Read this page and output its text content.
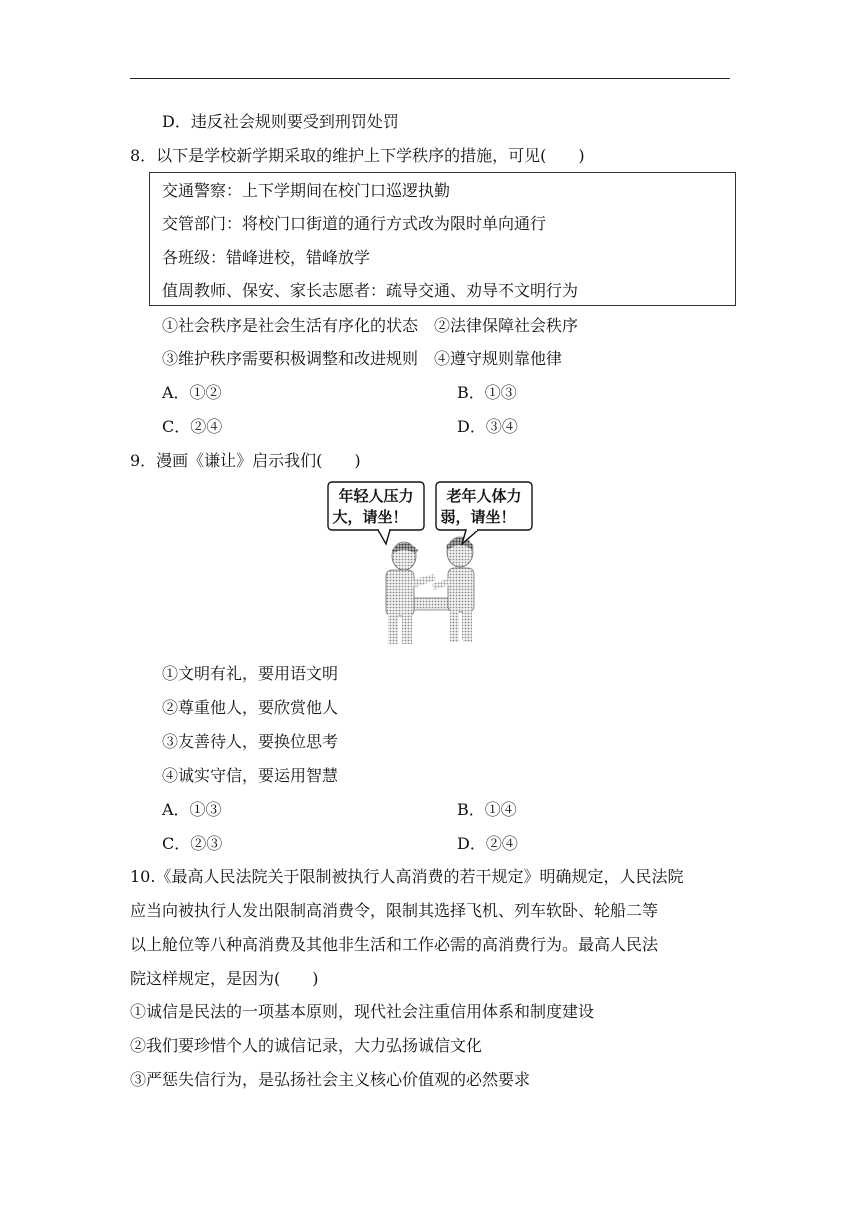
D．违反社会规则要受到刑罚处罚
8．以下是学校新学期采取的维护上下学秩序的措施，可见(　　)
交通警察：上下学期间在校门口巡逻执勤
交管部门：将校门口街道的通行方式改为限时单向通行
各班级：错峰进校，错峰放学
值周教师、保安、家长志愿者：疏导交通、劝导不文明行为
①社会秩序是社会生活有序化的状态　②法律保障社会秩序
③维护秩序需要积极调整和改进规则　④遵守规则靠他律
A．①②	B．①③
C．②④	D．③④
9．漫画《谦让》启示我们(　　)
年轻人压力
大，请坐！
老年人体力
弱，请坐！
①文明有礼，要用语文明
②尊重他人，要欣赏他人
③友善待人，要换位思考
④诚实守信，要运用智慧
A．①③	B．①④
C．②③	D．②④
10.《最高人民法院关于限制被执行人高消费的若干规定》明确规定，人民法院
应当向被执行人发出限制高消费令，限制其选择飞机、列车软卧、轮船二等
以上舱位等八种高消费及其他非生活和工作必需的高消费行为。最高人民法
院这样规定，是因为(　　)
①诚信是民法的一项基本原则，现代社会注重信用体系和制度建设
②我们要珍惜个人的诚信记录，大力弘扬诚信文化
③严惩失信行为，是弘扬社会主义核心价值观的必然要求
